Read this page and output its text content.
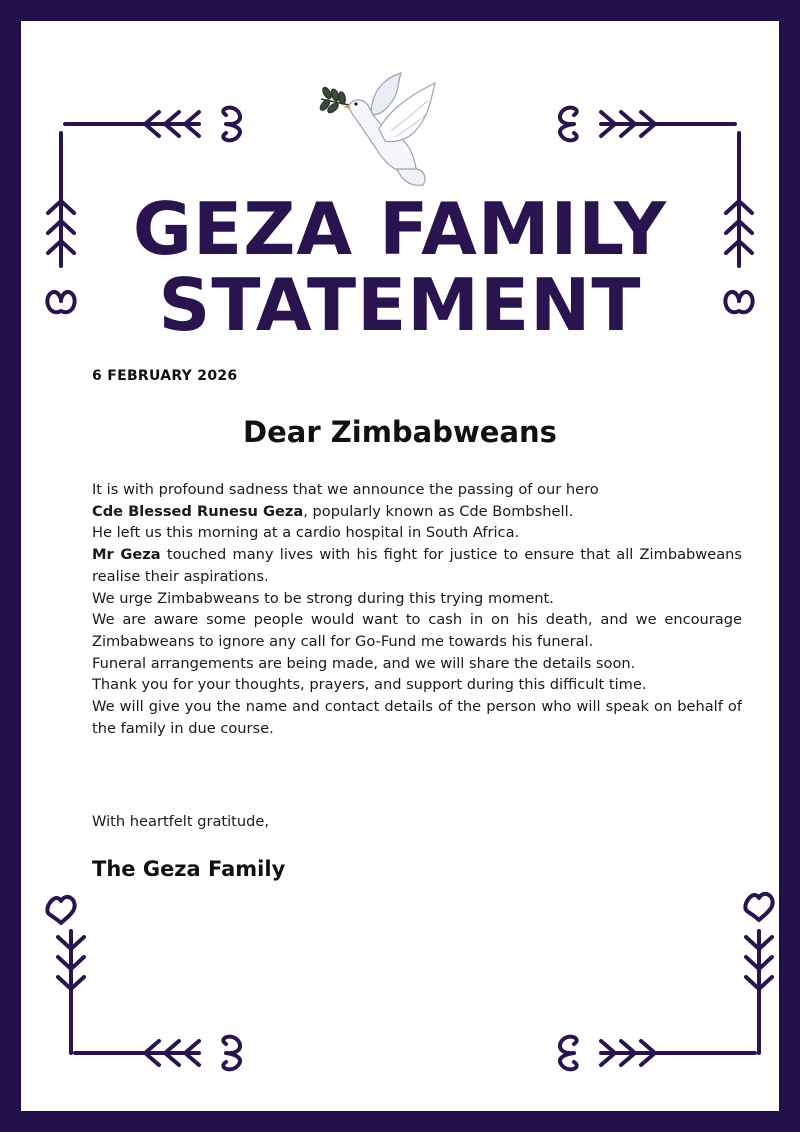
GEZA FAMILY
STATEMENT
6 FEBRUARY 2026
Dear Zimbabweans

It is with profound sadness that we announce the passing of our hero
Cde Blessed Runesu Geza, popularly known as Cde Bombshell.

He left us this morning at a cardio hospital in South Africa.

Mr Geza touched many lives with his fight for justice to ensure that all Zimbabweans realise their aspirations.

We urge Zimbabweans to be strong during this trying moment.

We are aware some people would want to cash in on his death, and we encourage Zimbabweans to ignore any call for Go-Fund me towards his funeral.

Funeral arrangements are being made, and we will share the details soon.

Thank you for your thoughts, prayers, and support during this difficult time.

We will give you the name and contact details of the person who will speak on behalf of the family in due course.

With heartfelt gratitude,
The Geza Family
